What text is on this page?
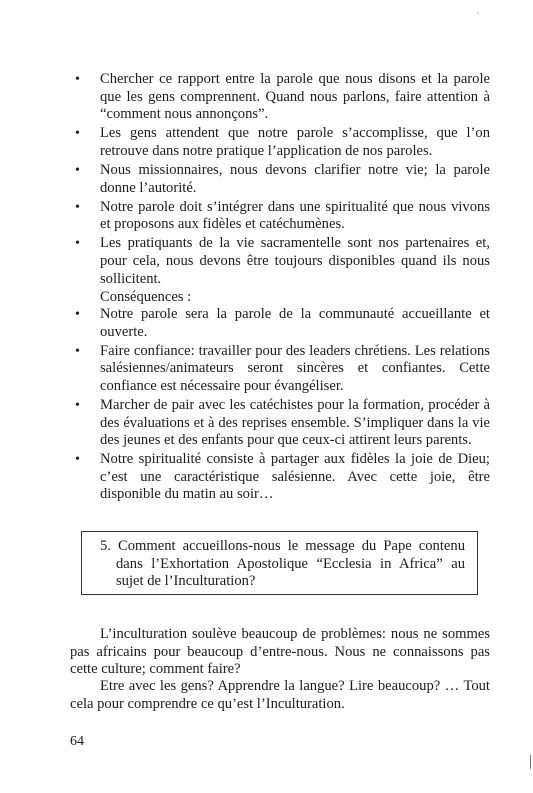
ʹ
• Chercher ce rapport entre la parole que nous disons et la parole que les gens comprennent. Quand nous parlons, faire attention à “comment nous annonçons”.
• Les gens attendent que notre parole s’accomplisse, que l’on retrouve dans notre pratique l’application de nos paroles.
• Nous missionnaires, nous devons clarifier notre vie; la parole donne l’autorité.
• Notre parole doit s’intégrer dans une spiritualité que nous vivons et proposons aux fidèles et catéchumènes.
• Les pratiquants de la vie sacramentelle sont nos partenaires et, pour cela, nous devons être toujours disponibles quand ils nous sollicitent.
Conséquences :
• Notre parole sera la parole de la communauté accueillante et ouverte.
• Faire confiance: travailler pour des leaders chrétiens. Les relations salésiennes/animateurs seront sincères et confiantes. Cette confiance est nécessaire pour évangéliser.
• Marcher de pair avec les catéchistes pour la formation, procéder à des évaluations et à des reprises ensemble. S’impliquer dans la vie des jeunes et des enfants pour que ceux-ci attirent leurs parents.
• Notre spiritualité consiste à partager aux fidèles la joie de Dieu; c’est une caractéristique salésienne. Avec cette joie, être disponible du matin au soir…
5. Comment accueillons-nous le message du Pape contenu dans l’Exhortation Apostolique “Ecclesia in Africa” au sujet de l’Inculturation?

L’inculturation soulève beaucoup de problèmes: nous ne sommes pas africains pour beaucoup d’entre-nous. Nous ne connaissons pas cette culture; comment faire?

Etre avec les gens? Apprendre la langue? Lire beaucoup? … Tout cela pour comprendre ce qu’est l’Inculturation.

64
